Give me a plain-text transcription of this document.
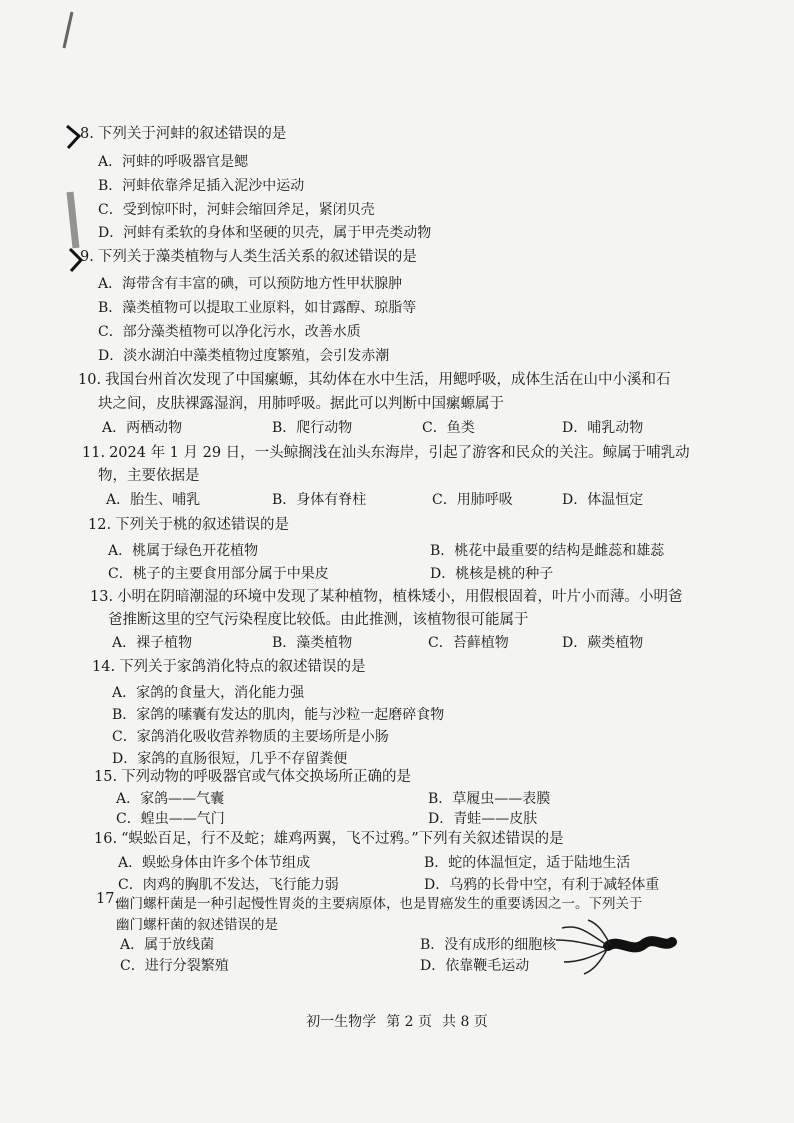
8. 下列关于河蚌的叙述错误的是
A．河蚌的呼吸器官是鳃
B．河蚌依靠斧足插入泥沙中运动
C．受到惊吓时，河蚌会缩回斧足，紧闭贝壳
D．河蚌有柔软的身体和坚硬的贝壳，属于甲壳类动物
9. 下列关于藻类植物与人类生活关系的叙述错误的是
A．海带含有丰富的碘，可以预防地方性甲状腺肿
B．藻类植物可以提取工业原料，如甘露醇、琼脂等
C．部分藻类植物可以净化污水，改善水质
D．淡水湖泊中藻类植物过度繁殖，会引发赤潮
10. 我国台州首次发现了中国瘰螈，其幼体在水中生活，用鳃呼吸，成体生活在山中小溪和石
块之间，皮肤裸露湿润，用肺呼吸。据此可以判断中国瘰螈属于
A．两栖动物	B．爬行动物	C．鱼类	D．哺乳动物
11. 2024 年 1 月 29 日，一头鲸搁浅在汕头东海岸，引起了游客和民众的关注。鲸属于哺乳动
物，主要依据是
A．胎生、哺乳	B．身体有脊柱	C．用肺呼吸	D．体温恒定
12. 下列关于桃的叙述错误的是
A．桃属于绿色开花植物	B．桃花中最重要的结构是雌蕊和雄蕊
C．桃子的主要食用部分属于中果皮	D．桃核是桃的种子
13. 小明在阴暗潮湿的环境中发现了某种植物，植株矮小，用假根固着，叶片小而薄。小明爸
爸推断这里的空气污染程度比较低。由此推测，该植物很可能属于
A．裸子植物	B．藻类植物	C．苔藓植物	D．蕨类植物
14. 下列关于家鸽消化特点的叙述错误的是
A．家鸽的食量大，消化能力强
B．家鸽的嗉囊有发达的肌肉，能与沙粒一起磨碎食物
C．家鸽消化吸收营养物质的主要场所是小肠
D．家鸽的直肠很短，几乎不存留粪便
15. 下列动物的呼吸器官或气体交换场所正确的是
A．家鸽——气囊	B．草履虫——表膜
C．蝗虫——气门	D．青蛙——皮肤
16. “蜈蚣百足，行不及蛇；雄鸡两翼，飞不过鸦。”下列有关叙述错误的是
A．蜈蚣身体由许多个体节组成	B．蛇的体温恒定，适于陆地生活
C．肉鸡的胸肌不发达，飞行能力弱	D．乌鸦的长骨中空，有利于减轻体重
17.
幽门螺杆菌是一种引起慢性胃炎的主要病原体，也是胃癌发生的重要诱因之一。下列关于
幽门螺杆菌的叙述错误的是
A．属于放线菌	B．没有成形的细胞核
C．进行分裂繁殖	D．依靠鞭毛运动
初一生物学 第 2 页 共 8 页
